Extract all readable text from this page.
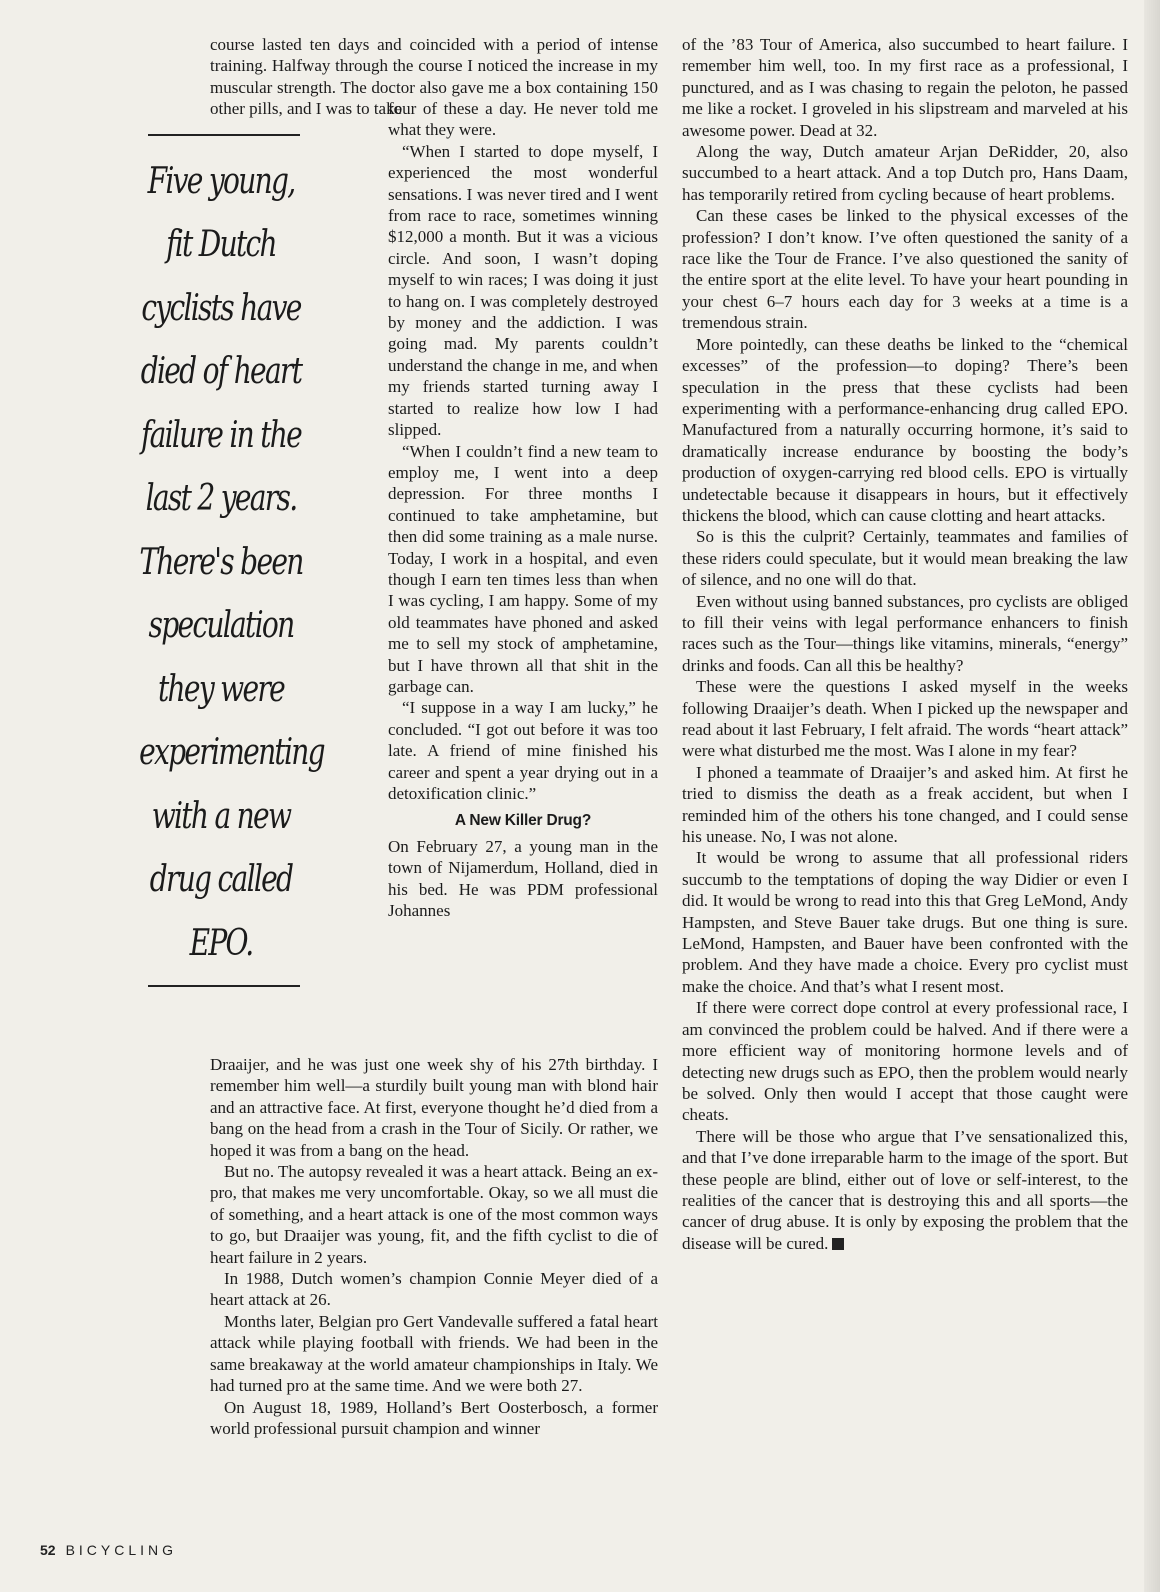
Five young, fit Dutch cyclists have died of heart failure in the last 2 years. There's been speculation they were experimenting with a new drug called EPO.

course lasted ten days and coincided with a period of intense training. Halfway through the course I noticed the increase in my muscular strength. The doctor also gave me a box containing 150 other pills, and I was to take

four of these a day. He never told me what they were.

“When I started to dope myself, I experienced the most wonderful sensations. I was never tired and I went from race to race, sometimes winning $12,000 a month. But it was a vicious circle. And soon, I wasn’t doping myself to win races; I was doing it just to hang on. I was completely destroyed by money and the addiction. I was going mad. My parents couldn’t understand the change in me, and when my friends started turning away I started to realize how low I had slipped.

“When I couldn’t find a new team to employ me, I went into a deep depression. For three months I continued to take amphetamine, but then did some training as a male nurse. Today, I work in a hospital, and even though I earn ten times less than when I was cycling, I am happy. Some of my old teammates have phoned and asked me to sell my stock of amphetamine, but I have thrown all that shit in the garbage can.

“I suppose in a way I am lucky,” he concluded. “I got out before it was too late. A friend of mine finished his career and spent a year drying out in a detoxification clinic.”

A New Killer Drug?

On February 27, a young man in the town of Nijamerdum, Holland, died in his bed. He was PDM professional Johannes

Draaijer, and he was just one week shy of his 27th birthday. I remember him well—a sturdily built young man with blond hair and an attractive face. At first, everyone thought he’d died from a bang on the head from a crash in the Tour of Sicily. Or rather, we hoped it was from a bang on the head.

But no. The autopsy revealed it was a heart attack. Being an ex-pro, that makes me very uncomfortable. Okay, so we all must die of something, and a heart attack is one of the most common ways to go, but Draaijer was young, fit, and the fifth cyclist to die of heart failure in 2 years.

In 1988, Dutch women’s champion Connie Meyer died of a heart attack at 26.

Months later, Belgian pro Gert Vandevalle suffered a fatal heart attack while playing football with friends. We had been in the same breakaway at the world amateur championships in Italy. We had turned pro at the same time. And we were both 27.

On August 18, 1989, Holland’s Bert Oosterbosch, a former world professional pursuit champion and winner

of the ’83 Tour of America, also succumbed to heart failure. I remember him well, too. In my first race as a professional, I punctured, and as I was chasing to regain the peloton, he passed me like a rocket. I groveled in his slipstream and marveled at his awesome power. Dead at 32.

Along the way, Dutch amateur Arjan DeRidder, 20, also succumbed to a heart attack. And a top Dutch pro, Hans Daam, has temporarily retired from cycling because of heart problems.

Can these cases be linked to the physical excesses of the profession? I don’t know. I’ve often questioned the sanity of a race like the Tour de France. I’ve also questioned the sanity of the entire sport at the elite level. To have your heart pounding in your chest 6–7 hours each day for 3 weeks at a time is a tremendous strain.

More pointedly, can these deaths be linked to the “chemical excesses” of the profession—to doping? There’s been speculation in the press that these cyclists had been experimenting with a performance-enhancing drug called EPO. Manufactured from a naturally occurring hormone, it’s said to dramatically increase endurance by boosting the body’s production of oxygen-carrying red blood cells. EPO is virtually undetectable because it disappears in hours, but it effectively thickens the blood, which can cause clotting and heart attacks.

So is this the culprit? Certainly, teammates and families of these riders could speculate, but it would mean breaking the law of silence, and no one will do that.

Even without using banned substances, pro cyclists are obliged to fill their veins with legal performance enhancers to finish races such as the Tour—things like vitamins, minerals, “energy” drinks and foods. Can all this be healthy?

These were the questions I asked myself in the weeks following Draaijer’s death. When I picked up the newspaper and read about it last February, I felt afraid. The words “heart attack” were what disturbed me the most. Was I alone in my fear?

I phoned a teammate of Draaijer’s and asked him. At first he tried to dismiss the death as a freak accident, but when I reminded him of the others his tone changed, and I could sense his unease. No, I was not alone.

It would be wrong to assume that all professional riders succumb to the temptations of doping the way Didier or even I did. It would be wrong to read into this that Greg LeMond, Andy Hampsten, and Steve Bauer take drugs. But one thing is sure. LeMond, Hampsten, and Bauer have been confronted with the problem. And they have made a choice. Every pro cyclist must make the choice. And that’s what I resent most.

If there were correct dope control at every professional race, I am convinced the problem could be halved. And if there were a more efficient way of monitoring hormone levels and of detecting new drugs such as EPO, then the problem would nearly be solved. Only then would I accept that those caught were cheats.

There will be those who argue that I’ve sensationalized this, and that I’ve done irreparable harm to the image of the sport. But these people are blind, either out of love or self-interest, to the realities of the cancer that is destroying this and all sports—the cancer of drug abuse. It is only by exposing the problem that the disease will be cured.

52 BICYCLING
